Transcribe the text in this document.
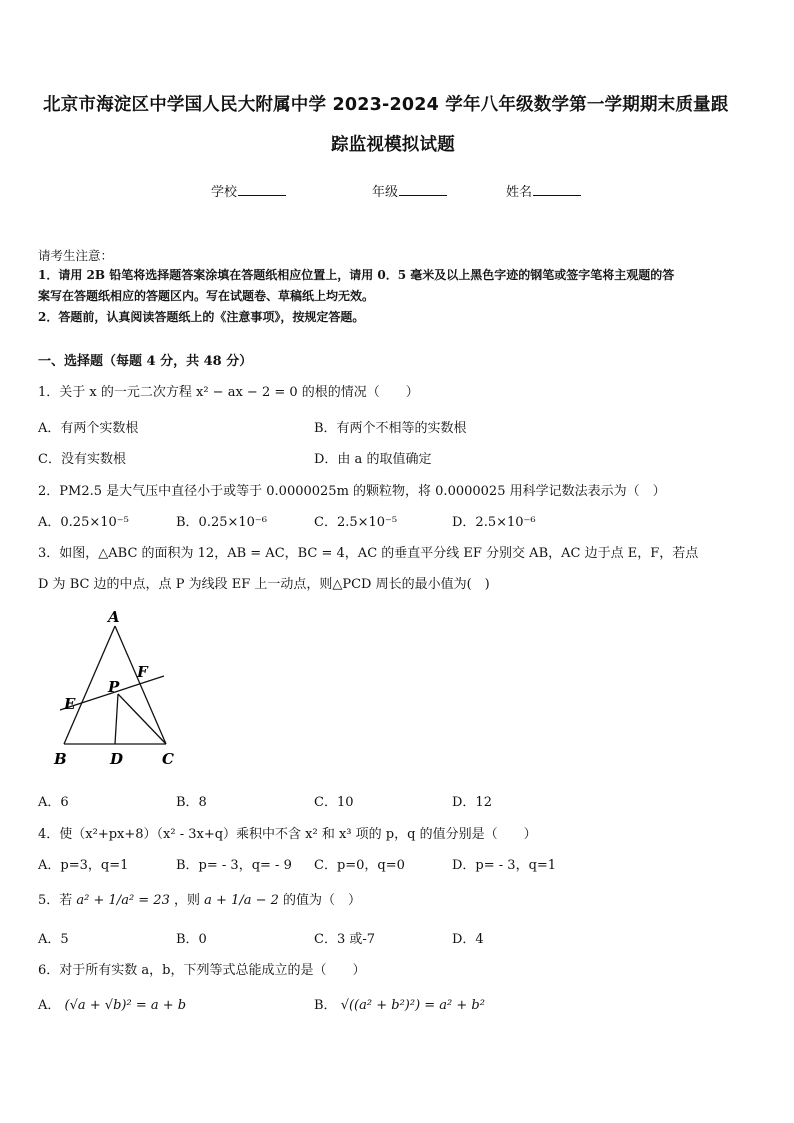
北京市海淀区中学国人民大附属中学 2023-2024 学年八年级数学第一学期期末质量跟
踪监视模拟试题
学校	年级	姓名
请考生注意：
1．请用 2B 铅笔将选择题答案涂填在答题纸相应位置上，请用 0．5 毫米及以上黑色字迹的钢笔或签字笔将主观题的答
案写在答题纸相应的答题区内。写在试题卷、草稿纸上均无效。
2．答题前，认真阅读答题纸上的《注意事项》，按规定答题。
一、选择题（每题 4 分，共 48 分）
1．关于 x 的一元二次方程 x² − ax − 2 = 0 的根的情况（　　）
A．有两个实数根	B．有两个不相等的实数根
C．没有实数根	D．由 a 的取值确定
2．PM2.5 是大气压中直径小于或等于 0.0000025m 的颗粒物，将 0.0000025 用科学记数法表示为（　）
A．0.25×10⁻⁵	B．0.25×10⁻⁶	C．2.5×10⁻⁵	D．2.5×10⁻⁶
3．如图，△ABC 的面积为 12，AB = AC，BC = 4，AC 的垂直平分线 EF 分别交 AB，AC 边于点 E，F，若点
D 为 BC 边的中点，点 P 为线段 EF 上一动点，则△PCD 周长的最小值为(　)
A
B	C
D
E
F
P
A．6	B．8	C．10	D．12
4．使（x²+px+8）（x² - 3x+q）乘积中不含 x² 和 x³ 项的 p，q 的值分别是（　　）
A．p=3，q=1	B．p= - 3，q= - 9 C．p=0，q=0	D．p= - 3，q=1
5．若 a² + 1/a² = 23 ，则 a + 1/a − 2 的值为（　）
A．5	B．0	C．3 或-7	D．4
6．对于所有实数 a，b，下列等式总能成立的是（　　）
A． (√a + √b)² = a + b	B． √((a² + b²)²) = a² + b²
